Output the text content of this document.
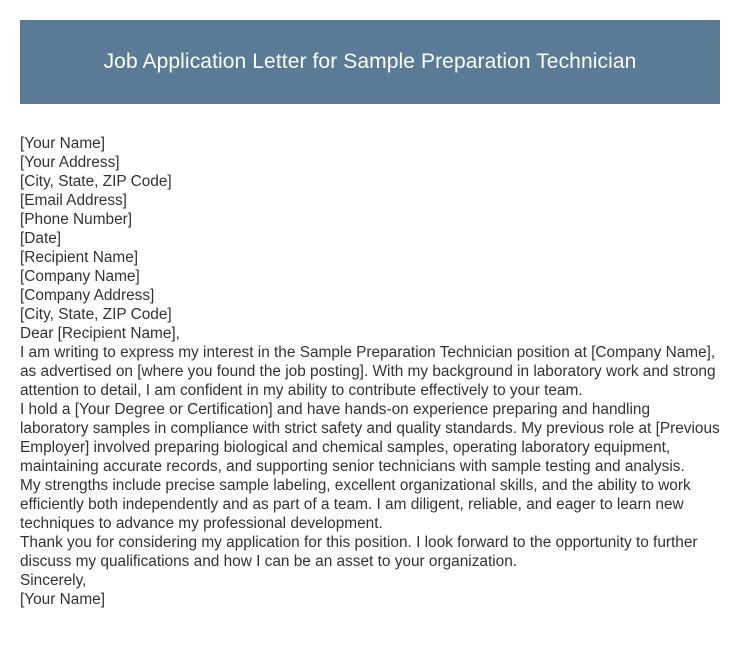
Job Application Letter for Sample Preparation Technician
[Your Name]
[Your Address]
[City, State, ZIP Code]
[Email Address]
[Phone Number]
[Date]
[Recipient Name]
[Company Name]
[Company Address]
[City, State, ZIP Code]
Dear [Recipient Name],

I am writing to express my interest in the Sample Preparation Technician position at [Company Name], as advertised on [where you found the job posting]. With my background in laboratory work and strong attention to detail, I am confident in my ability to contribute effectively to your team.

I hold a [Your Degree or Certification] and have hands-on experience preparing and handling laboratory samples in compliance with strict safety and quality standards. My previous role at [Previous Employer] involved preparing biological and chemical samples, operating laboratory equipment, maintaining accurate records, and supporting senior technicians with sample testing and analysis.

My strengths include precise sample labeling, excellent organizational skills, and the ability to work efficiently both independently and as part of a team. I am diligent, reliable, and eager to learn new techniques to advance my professional development.

Thank you for considering my application for this position. I look forward to the opportunity to further discuss my qualifications and how I can be an asset to your organization.

Sincerely,
[Your Name]
